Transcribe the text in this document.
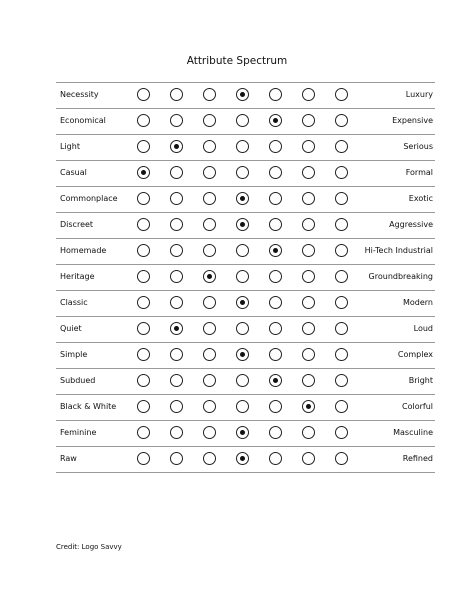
Attribute Spectrum
Necessity	Luxury
Economical	Expensive
Light	Serious
Casual	Formal
Commonplace	Exotic
Discreet	Aggressive
Homemade	Hi-Tech Industrial
Heritage	Groundbreaking
Classic	Modern
Quiet	Loud
Simple	Complex
Subdued	Bright
Black & White	Colorful
Feminine	Masculine
Raw	Refined
Credit: Logo Savvy
